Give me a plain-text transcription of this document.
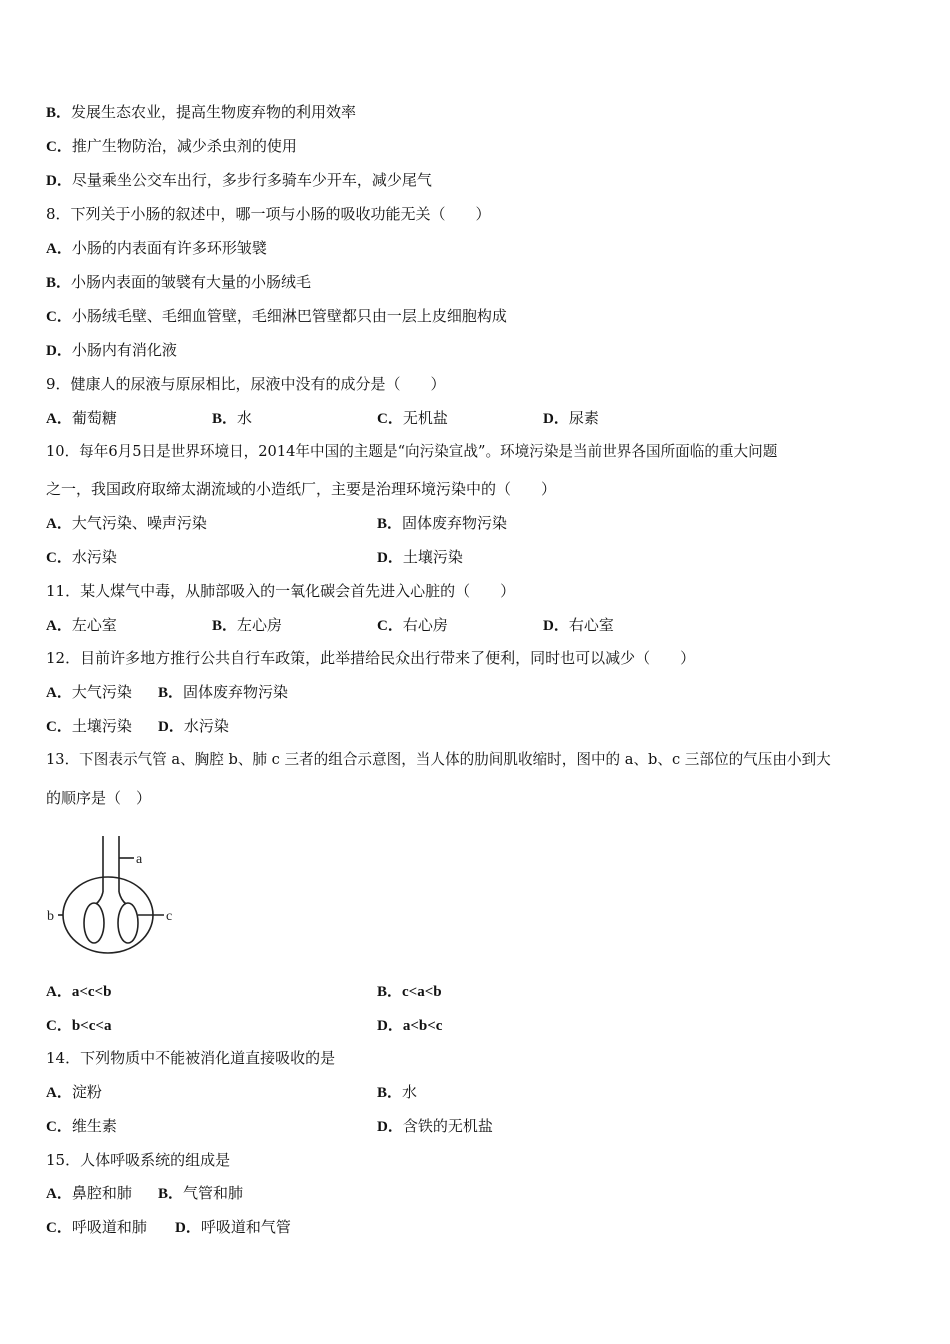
B．发展生态农业，提高生物废弃物的利用效率
C．推广生物防治，减少杀虫剂的使用
D．尽量乘坐公交车出行，多步行多骑车少开车，减少尾气
8．下列关于小肠的叙述中，哪一项与小肠的吸收功能无关（　　）
A．小肠的内表面有许多环形皱襞
B．小肠内表面的皱襞有大量的小肠绒毛
C．小肠绒毛壁、毛细血管壁，毛细淋巴管壁都只由一层上皮细胞构成
D．小肠内有消化液
9．健康人的尿液与原尿相比，尿液中没有的成分是（　　）
A．葡萄糖	B．水	C．无机盐	D．尿素
10．每年6月5日是世界环境日，2014年中国的主题是“向污染宣战”。环境污染是当前世界各国所面临的重大问题
之一，我国政府取缔太湖流域的小造纸厂，主要是治理环境污染中的（　　）
A．大气污染、噪声污染	B．固体废弃物污染
C．水污染	D．土壤污染
11．某人煤气中毒，从肺部吸入的一氧化碳会首先进入心脏的（　　）
A．左心室	B．左心房	C．右心房	D．右心室
12．目前许多地方推行公共自行车政策，此举措给民众出行带来了便利，同时也可以减少（　　）
A．大气污染 B．固体废弃物污染
C．土壤污染 D．水污染
13．下图表示气管 a、胸腔 b、肺 c 三者的组合示意图，当人体的肋间肌收缩时，图中的 a、b、c 三部位的气压由小到大
的顺序是（　）
a
b	c
A．a<c<b	B．c<a<b
C．b<c<a	D．a<b<c
14．下列物质中不能被消化道直接吸收的是
A．淀粉	B．水
C．维生素	D．含铁的无机盐
15．人体呼吸系统的组成是
A．鼻腔和肺 B．气管和肺
C．呼吸道和肺 D．呼吸道和气管
